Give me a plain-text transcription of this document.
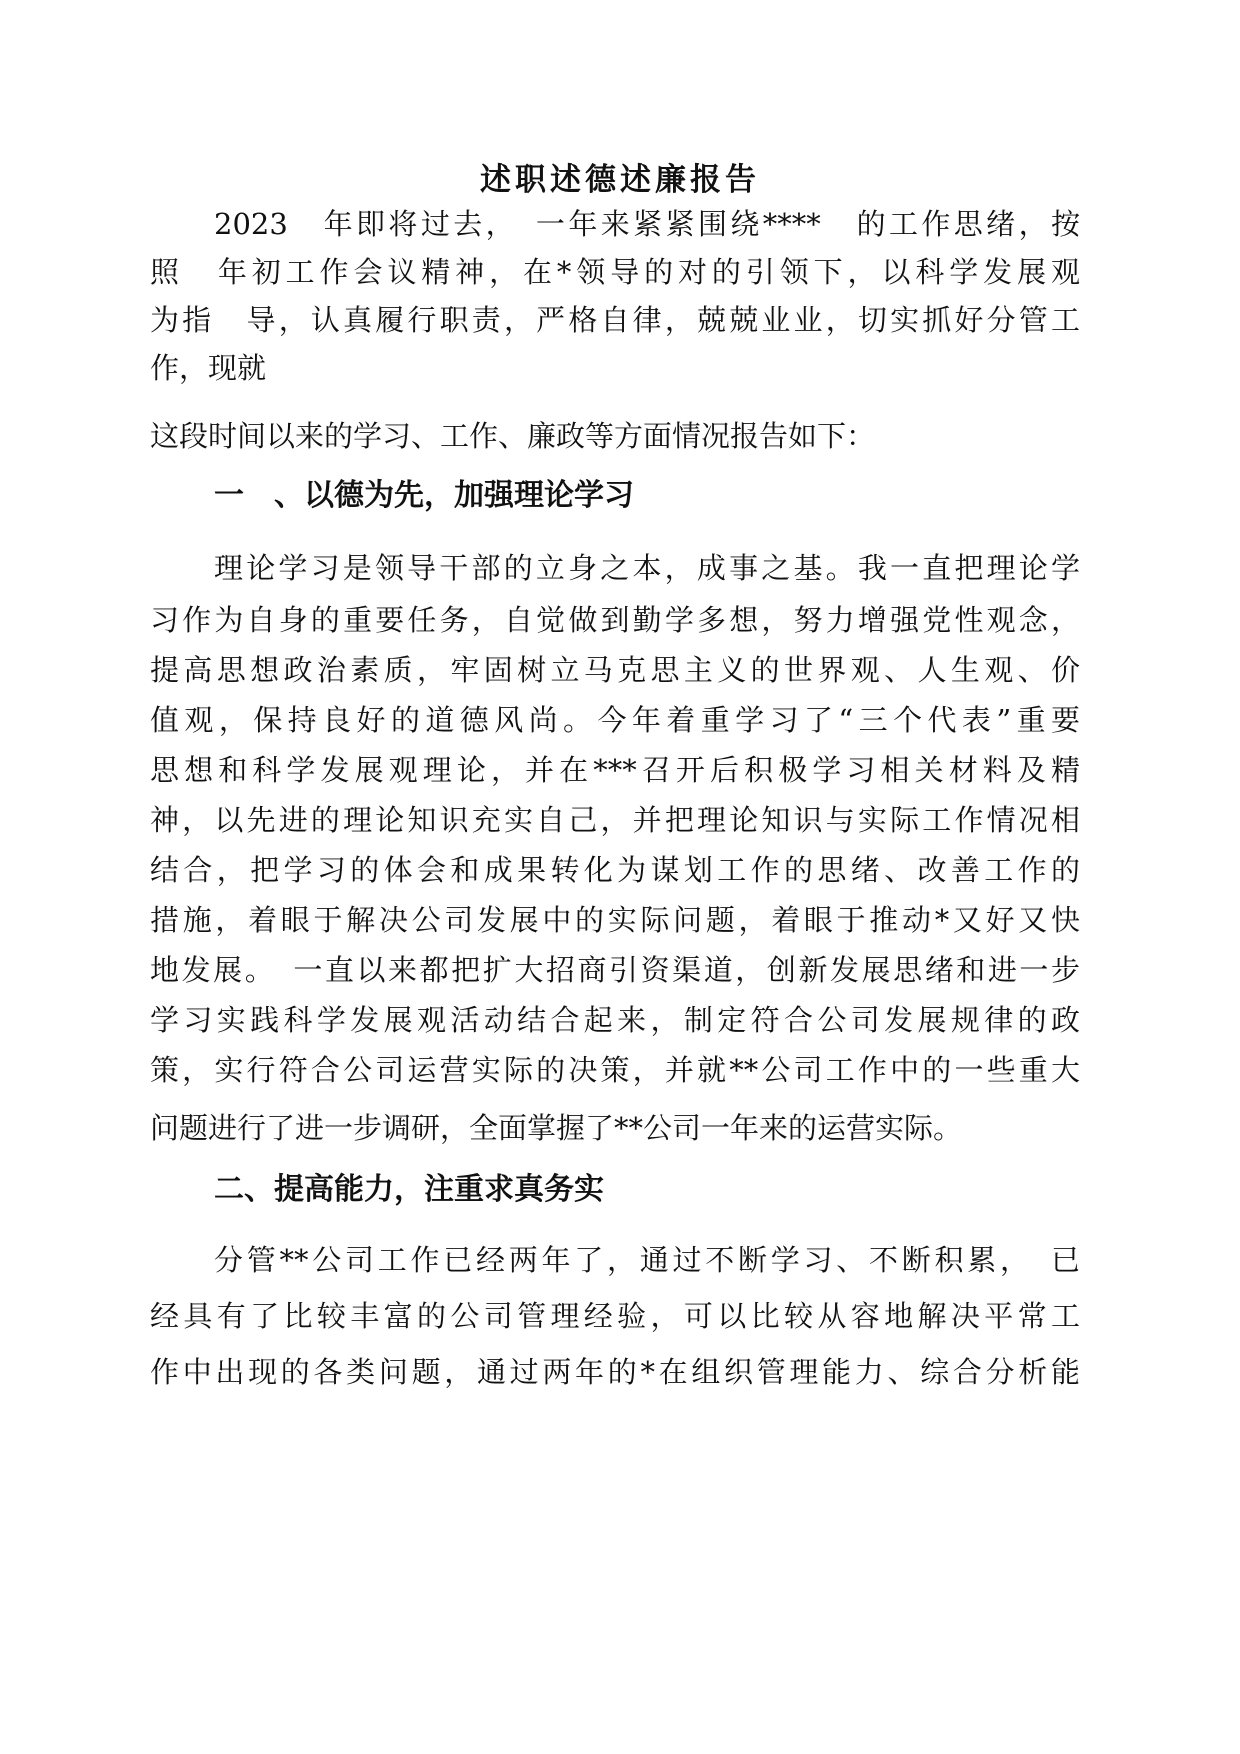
述职述德述廉报告

2023　年即将过去，　一年来紧紧围绕****　的工作思绪，按

照　年初工作会议精神，在*领导的对的引领下，以科学发展观

为指　导，认真履行职责，严格自律，兢兢业业，切实抓好分管工

作，现就

这段时间以来的学习、工作、廉政等方面情况报告如下：

一　、以德为先，加强理论学习

理论学习是领导干部的立身之本，成事之基。我一直把理论学

习作为自身的重要任务，自觉做到勤学多想，努力增强党性观念，

提高思想政治素质，牢固树立马克思主义的世界观、人生观、价

值观，保持良好的道德风尚。今年着重学习了“三个代表”重要

思想和科学发展观理论，并在***召开后积极学习相关材料及精

神，以先进的理论知识充实自己，并把理论知识与实际工作情况相

结合，把学习的体会和成果转化为谋划工作的思绪、改善工作的

措施，着眼于解决公司发展中的实际问题，着眼于推动*又好又快

地发展。　一直以来都把扩大招商引资渠道，创新发展思绪和进一步

学习实践科学发展观活动结合起来，制定符合公司发展规律的政

策，实行符合公司运营实际的决策，并就**公司工作中的一些重大

问题进行了进一步调研，全面掌握了**公司一年来的运营实际。

二、提高能力，注重求真务实

分管**公司工作已经两年了，通过不断学习、不断积累，　已

经具有了比较丰富的公司管理经验，可以比较从容地解决平常工

作中出现的各类问题，通过两年的*在组织管理能力、综合分析能
